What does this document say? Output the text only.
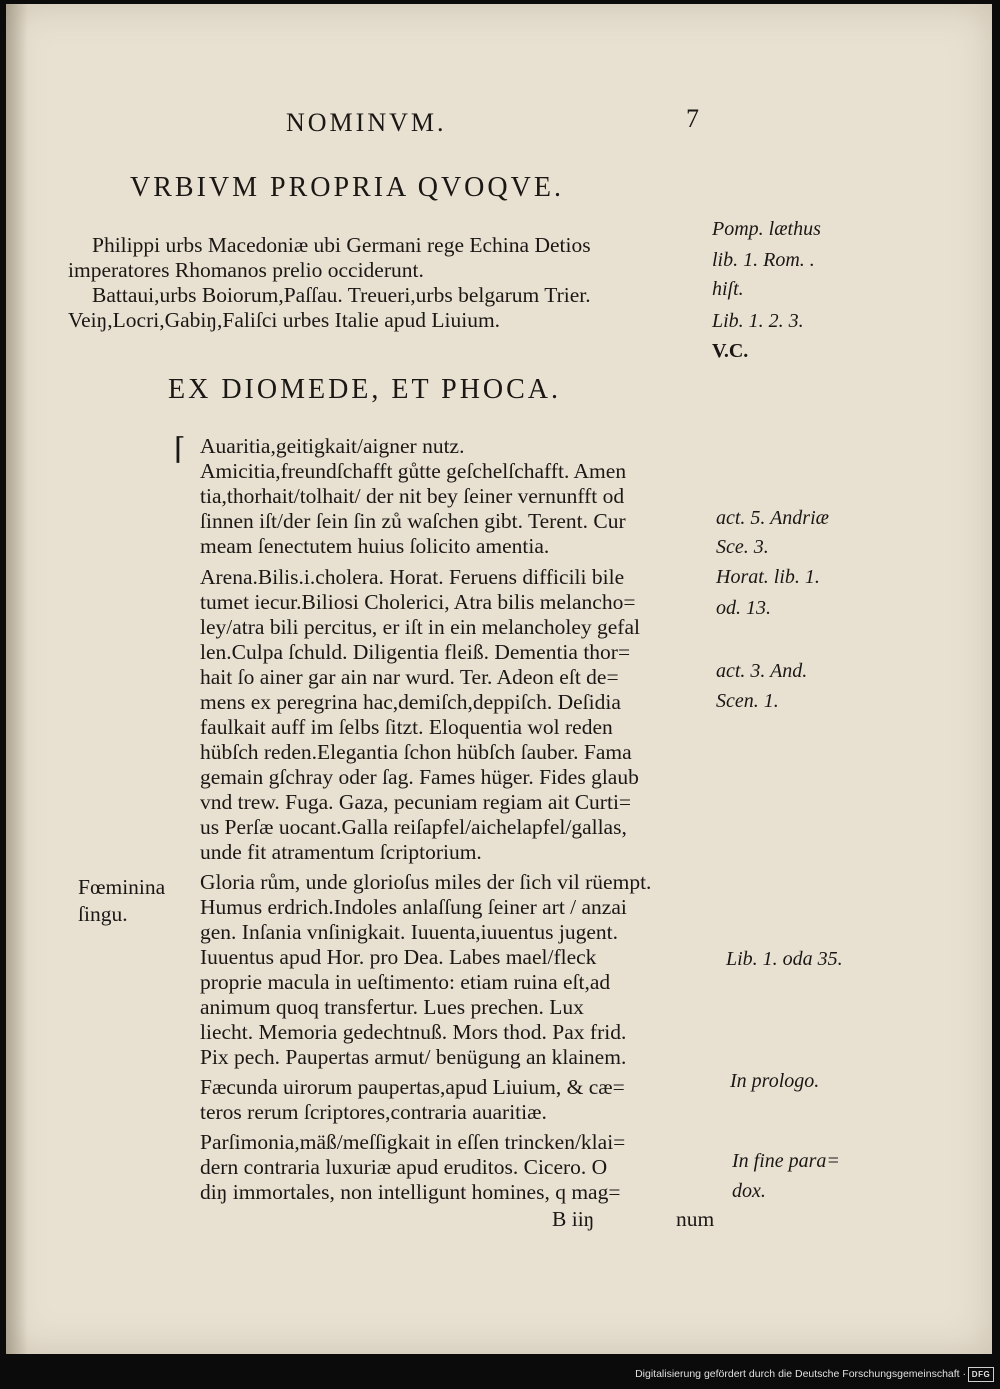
NOMINVM.	7
VRBIVM PROPRIA QVOQVE.
Philippi urbs Macedoniæ ubi Germani rege Echina Detios
imperatores Rhomanos prelio occiderunt.
Battaui,urbs Boiorum,Paſſau. Treueri,urbs belgarum Trier.
Veiŋ,Locri,Gabiŋ,Faliſci urbes Italie apud Liuium.
Pomp. læthus
lib. 1. Rom. .
hiſt.
Lib. 1. 2. 3.
V.C.
EX DIOMEDE, ET PHOCA.
⌈ Auaritia,geitigkait/aigner nutz.
Amicitia,freundſchafft gůtte geſchelſchafft. Amen
tia,thorhait/tolhait/ der nit bey ſeiner vernunfft od
ſinnen iſt/der ſein ſin zů waſchen gibt. Terent. Cur
meam ſenectutem huius ſolicito amentia.
Arena.Bilis.i.cholera. Horat. Feruens difficili bile
tumet iecur.Biliosi Cholerici, Atra bilis melancho=
ley/atra bili percitus, er iſt in ein melancholey gefal
len.Culpa ſchuld. Diligentia fleiß. Dementia thor=
hait ſo ainer gar ain nar wurd. Ter. Adeon eſt de=
mens ex peregrina hac,demiſch,deppiſch. Deſidia
faulkait auff im ſelbs ſitzt. Eloquentia wol reden
hübſch reden.Elegantia ſchon hübſch ſauber. Fama
gemain gſchray oder ſag. Fames hüger. Fides glaub
vnd trew. Fuga. Gaza, pecuniam regiam ait Curti=
us Perſæ uocant.Galla reiſapfel/aichelapfel/gallas,
unde fit atramentum ſcriptorium.
Gloria rům, unde glorioſus miles der ſich vil rüempt.
Humus erdrich.Indoles anlaſſung ſeiner art / anzai
gen. Inſania vnſinigkait. Iuuenta,iuuentus jugent.
Iuuentus apud Hor. pro Dea. Labes mael/fleck
proprie macula in ueſtimento: etiam ruina eſt,ad
animum quoq transfertur. Lues prechen. Lux
liecht. Memoria gedechtnuß. Mors thod. Pax frid.
Pix pech. Paupertas armut/ benügung an klainem.
Fæcunda uirorum paupertas,apud Liuium, & cæ=
teros rerum ſcriptores,contraria auaritiæ.
Parſimonia,mäß/meſſigkait in eſſen trincken/klai=
dern contraria luxuriæ apud eruditos. Cicero. O
diŋ immortales, non intelligunt homines, q mag=
Fœminina
ſingu.
act. 5. Andriæ
Sce. 3.
Horat. lib. 1.
od. 13.
act. 3. And.
Scen. 1.
Lib. 1. oda 35.
In prologo.
In fine para=
dox.
B iiŋ	num
Digitalisierung gefördert durch die Deutsche Forschungsgemeinschaft · DFG
